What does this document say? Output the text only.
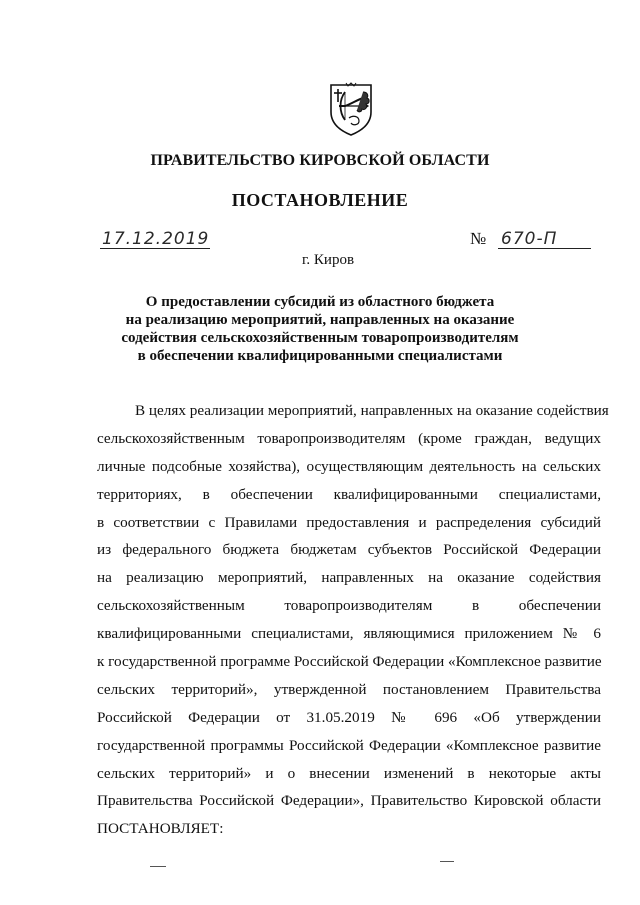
ПРАВИТЕЛЬСТВО КИРОВСКОЙ ОБЛАСТИ
ПОСТАНОВЛЕНИЕ
17.12.2019	№ 670-П
г. Киров
О предоставлении субсидий из областного бюджета
на реализацию мероприятий, направленных на оказание
содействия сельскохозяйственным товаропроизводителям
в обеспечении квалифицированными специалистами
В целях реализации мероприятий, направленных на оказание содействия
сельскохозяйственным товаропроизводителям (кроме граждан, ведущих
личные подсобные хозяйства), осуществляющим деятельность на сельских
территориях, в обеспечении квалифицированными специалистами,
в соответствии с Правилами предоставления и распределения субсидий
из федерального бюджета бюджетам субъектов Российской Федерации
на реализацию мероприятий, направленных на оказание содействия
сельскохозяйственным товаропроизводителям в обеспечении
квалифицированными специалистами, являющимися приложением № 6
к государственной программе Российской Федерации «Комплексное развитие
сельских территорий», утвержденной постановлением Правительства
Российской Федерации от 31.05.2019 № 696 «Об утверждении
государственной программы Российской Федерации «Комплексное развитие
сельских территорий» и о внесении изменений в некоторые акты
Правительства Российской Федерации», Правительство Кировской области
ПОСТАНОВЛЯЕТ:
